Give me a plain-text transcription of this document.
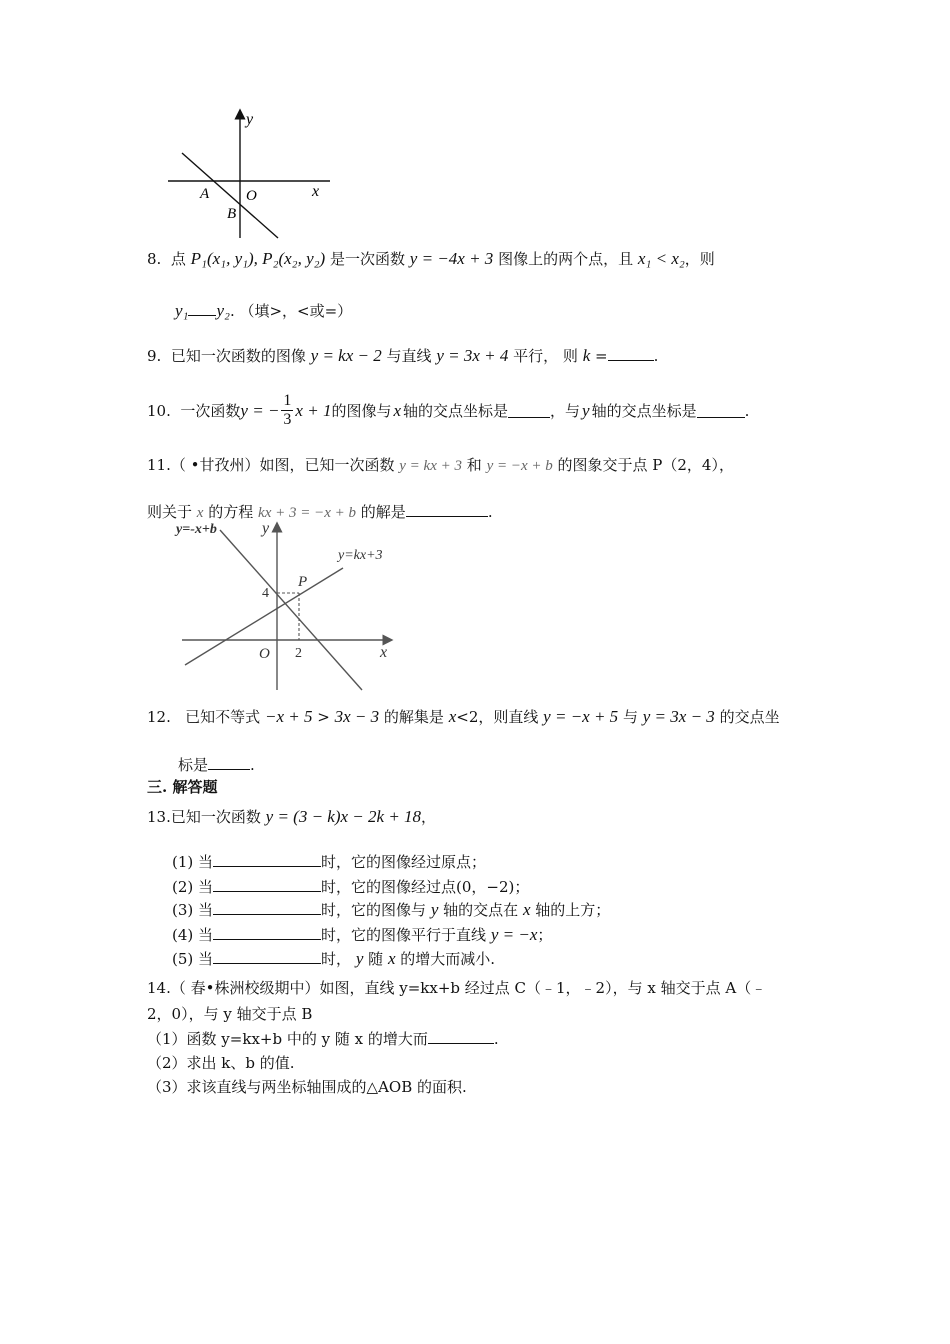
y
x
A O
B
8. 点 P₁(x₁, y₁), P₂(x₂, y₂) 是一次函数 y = −4x + 3 图像上的两个点，且 x₁ < x₂，则
y₁ y₂. （填>，<或=）
9. 已知一次函数的图像 y = kx − 2 与直线 y = 3x + 4 平行， 则 k =	.
10.
一次函数 y = − $\frac{1}{3}$ x + 1 的图像与 x 轴的交点坐标是	，与 y 轴的交点坐标是	.
11.（ •甘孜州）如图，已知一次函数 y = kx + 3 和 y = −x + b 的图象交于点 P（2，4），
则关于 x 的方程 kx + 3 = −x + b 的解是	.
y=-x+b	y
y=kx+3
P
4
O 2	x
12. 已知不等式 −x + 5 > 3x − 3 的解集是 x<2，则直线 y = −x + 5 与 y = 3x − 3 的交点坐
标是	.
三. 解答题
13.已知一次函数 y = (3 − k)x − 2k + 18，
(1) 当	时，它的图像经过原点；
(2) 当	时，它的图像经过点(0，−2)；
(3) 当	时，它的图像与 y 轴的交点在 x 轴的上方；
(4) 当	时，它的图像平行于直线 y = −x；
(5) 当	时， y 随 x 的增大而减小.
14.（ 春•株洲校级期中）如图，直线 y=kx+b 经过点 C（﹣1，﹣2），与 x 轴交于点 A（﹣
2，0），与 y 轴交于点 B
（1）函数 y=kx+b 中的 y 随 x 的增大而	.
（2）求出 k、b 的值.
（3）求该直线与两坐标轴围成的△AOB 的面积.
